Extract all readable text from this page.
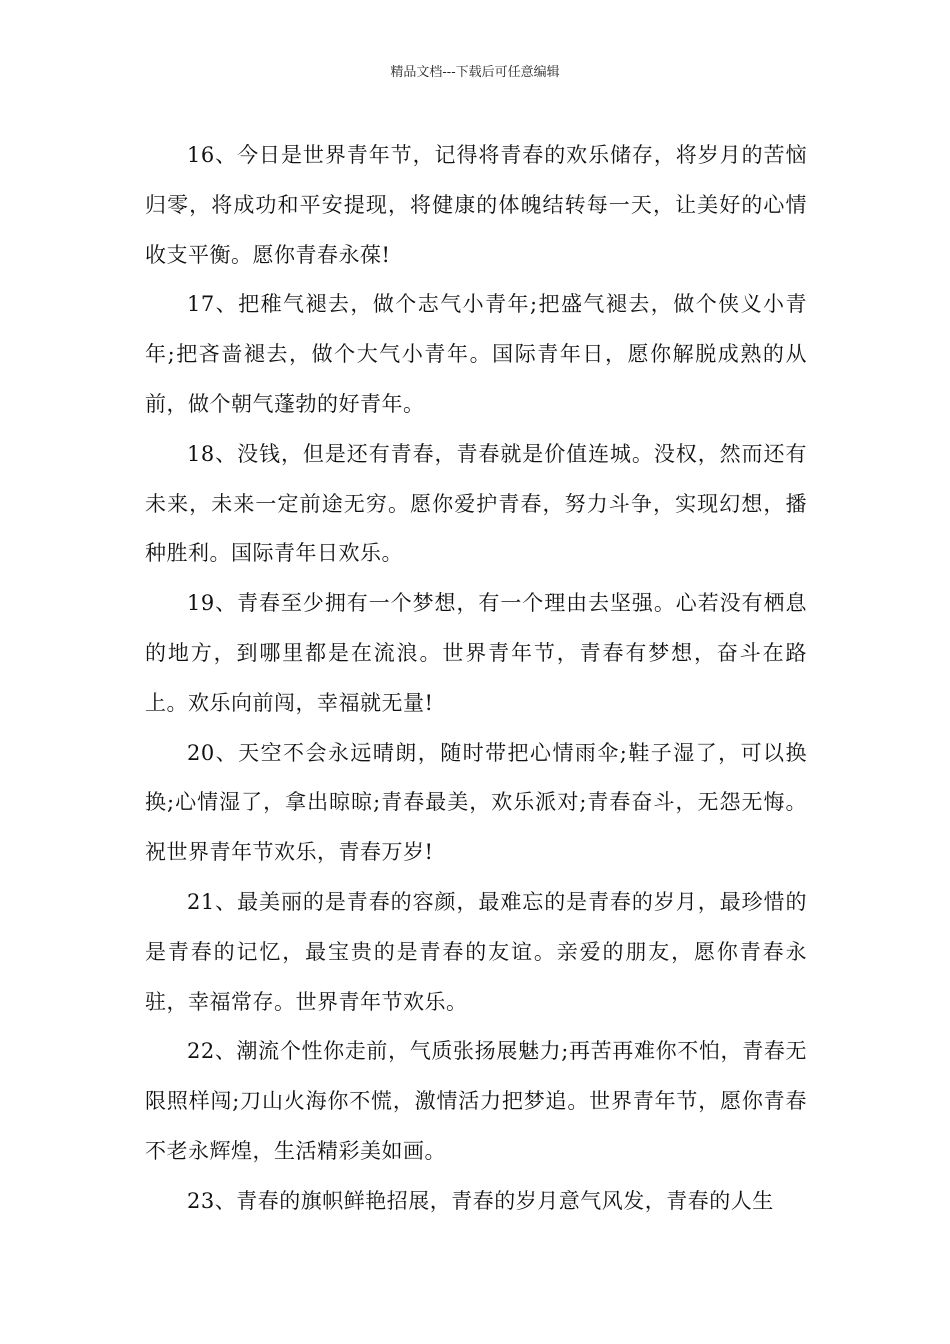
精品文档---下载后可任意编辑

16、今日是世界青年节，记得将青春的欢乐储存，将岁月的苦恼归零，将成功和平安提现，将健康的体魄结转每一天，让美好的心情收支平衡。愿你青春永葆!

17、把稚气褪去，做个志气小青年;把盛气褪去，做个侠义小青年;把吝啬褪去，做个大气小青年。国际青年日，愿你解脱成熟的从前，做个朝气蓬勃的好青年。

18、没钱，但是还有青春，青春就是价值连城。没权，然而还有未来，未来一定前途无穷。愿你爱护青春，努力斗争，实现幻想，播种胜利。国际青年日欢乐。

19、青春至少拥有一个梦想，有一个理由去坚强。心若没有栖息的地方，到哪里都是在流浪。世界青年节，青春有梦想，奋斗在路上。欢乐向前闯，幸福就无量!

20、天空不会永远晴朗，随时带把心情雨伞;鞋子湿了，可以换换;心情湿了，拿出晾晾;青春最美，欢乐派对;青春奋斗，无怨无悔。祝世界青年节欢乐，青春万岁!

21、最美丽的是青春的容颜，最难忘的是青春的岁月，最珍惜的是青春的记忆，最宝贵的是青春的友谊。亲爱的朋友，愿你青春永驻，幸福常存。世界青年节欢乐。

22、潮流个性你走前，气质张扬展魅力;再苦再难你不怕，青春无限照样闯;刀山火海你不慌，激情活力把梦追。世界青年节，愿你青春不老永辉煌，生活精彩美如画。

23、青春的旗帜鲜艳招展，青春的岁月意气风发，青春的人生
